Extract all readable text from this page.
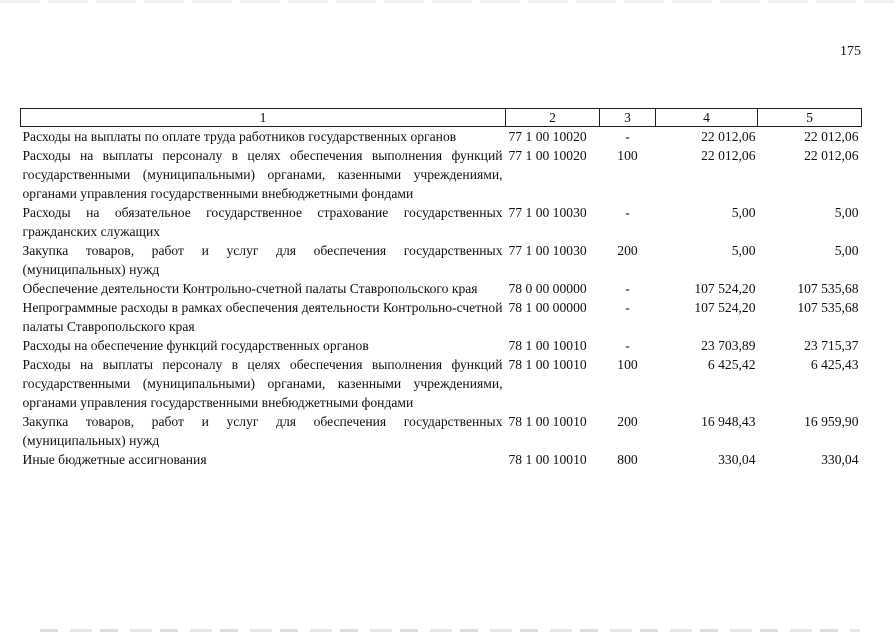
175
1	2	3	4	5
Расходы на выплаты по оплате труда работников государственных органов	77 1 00 10020	-	22 012,06	22 012,06
Расходы на выплаты персоналу в целях обеспечения выполнения функций государственными (муниципальными) органами, казенными учреждениями, органами управления государственными внебюджетными фондами	77 1 00 10020	100	22 012,06	22 012,06
Расходы на обязательное государственное страхование государственных гражданских служащих	77 1 00 10030	-	5,00	5,00
Закупка товаров, работ и услуг для обеспечения государственных (муниципальных) нужд	77 1 00 10030	200	5,00	5,00
Обеспечение деятельности Контрольно-счетной палаты Ставропольского края	78 0 00 00000	-	107 524,20	107 535,68
Непрограммные расходы в рамках обеспечения деятельности Контрольно-счетной палаты Ставропольского края	78 1 00 00000	-	107 524,20	107 535,68
Расходы на обеспечение функций государственных органов	78 1 00 10010	-	23 703,89	23 715,37
Расходы на выплаты персоналу в целях обеспечения выполнения функций государственными (муниципальными) органами, казенными учреждениями, органами управления государственными внебюджетными фондами	78 1 00 10010	100	6 425,42	6 425,43
Закупка товаров, работ и услуг для обеспечения государственных (муниципальных) нужд	78 1 00 10010	200	16 948,43	16 959,90
Иные бюджетные ассигнования	78 1 00 10010	800	330,04	330,04
